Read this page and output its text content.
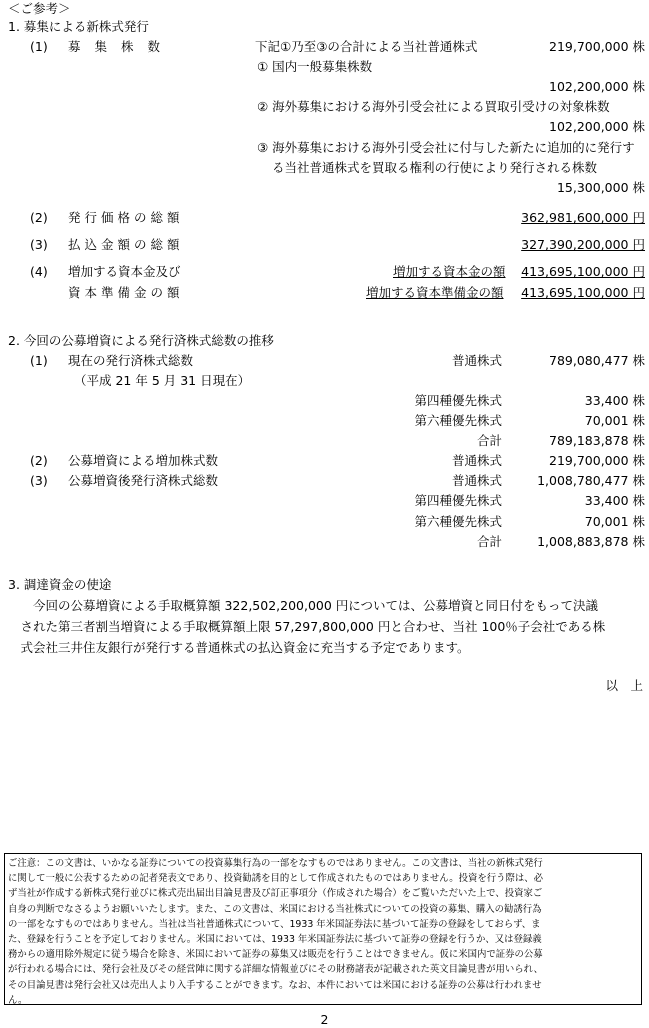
＜ご参考＞
1. 募集による新株式発行
(1) 募集株数	下記①乃至③の合計による当社普通株式	219,700,000 株
① 国内一般募集株数
102,200,000 株
② 海外募集における海外引受会社による買取引受けの対象株数
102,200,000 株
③ 海外募集における海外引受会社に付与した新たに追加的に発行す
る当社普通株式を買取る権利の行使により発行される株数
15,300,000 株
(2) 発行価格の総額	362,981,600,000 円
(3) 払込金額の総額	327,390,200,000 円
(4) 増加する資本金及び
資本準備金の額
増加する資本金の額 413,695,100,000 円
増加する資本準備金の額 413,695,100,000 円
2. 今回の公募増資による発行済株式総数の推移
(1) 現在の発行済株式総数
（平成 21 年 5 月 31 日現在）
普通株式	789,080,477 株
第四種優先株式	33,400 株
第六種優先株式	70,001 株
合計	789,183,878 株
(2) 公募増資による増加株式数	普通株式	219,700,000 株
(3) 公募増資後発行済株式総数	普通株式	1,008,780,477 株
第四種優先株式	33,400 株
第六種優先株式	70,001 株
合計	1,008,883,878 株
3. 調達資金の使途
　　今回の公募増資による手取概算額 322,502,200,000 円については、公募増資と同日付をもって決議
　された第三者割当増資による手取概算額上限 57,297,800,000 円と合わせ、当社 100％子会社である株
　式会社三井住友銀行が発行する普通株式の払込資金に充当する予定であります。
以　上
ご注意：この文書は、いかなる証券についての投資募集行為の一部をなすものではありません。この文書は、当社の新株式発行
に関して一般に公表するための記者発表文であり、投資勧誘を目的として作成されたものではありません。投資を行う際は、必
ず当社が作成する新株式発行並びに株式売出届出目論見書及び訂正事項分（作成された場合）をご覧いただいた上で、投資家ご
自身の判断でなさるようお願いいたします。また、この文書は、米国における当社株式についての投資の募集、購入の勧誘行為
の一部をなすものではありません。当社は当社普通株式について、1933 年米国証券法に基づいて証券の登録をしておらず、ま
た、登録を行うことを予定しておりません。米国においては、1933 年米国証券法に基づいて証券の登録を行うか、又は登録義
務からの適用除外規定に従う場合を除き、米国において証券の募集又は販売を行うことはできません。仮に米国内で証券の公募
が行われる場合には、発行会社及びその経営陣に関する詳細な情報並びにその財務諸表が記載された英文目論見書が用いられ、
その目論見書は発行会社又は売出人より入手することができます。なお、本件においては米国における証券の公募は行われませ
ん。
2
